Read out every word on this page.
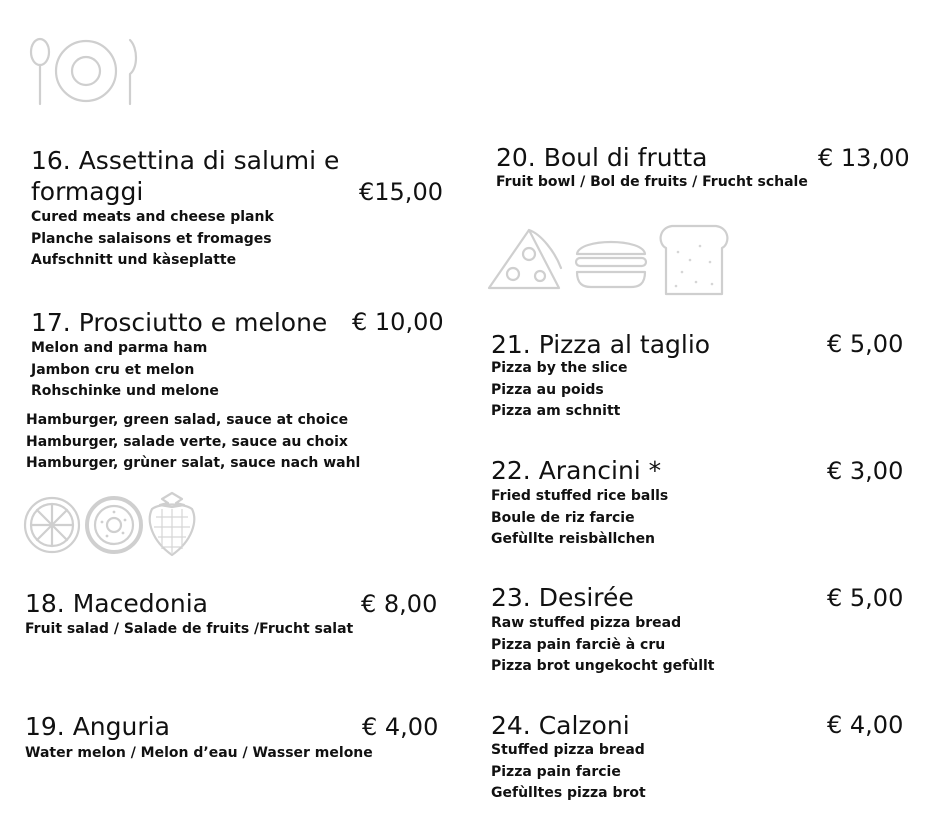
16. Assettina di salumi e
formaggi	€15,00
Cured meats and cheese plank
Planche salaisons et fromages
Aufschnitt und kàseplatte
17. Prosciutto e melone € 10,00
Melon and parma ham
Jambon cru et melon
Rohschinke und melone
Hamburger, green salad, sauce at choice
Hamburger, salade verte, sauce au choix
Hamburger, grùner salat, sauce nach wahl
18. Macedonia	€ 8,00
Fruit salad / Salade de fruits /Frucht salat
19. Anguria	€ 4,00
Water melon / Melon d’eau / Wasser melone
20. Boul di frutta	€ 13,00
Fruit bowl / Bol de fruits / Frucht schale
21. Pizza al taglio	€ 5,00
Pizza by the slice
Pizza au poids
Pizza am schnitt
22. Arancini *	€ 3,00
Fried stuffed rice balls
Boule de riz farcie
Gefùllte reisbàllchen
23. Desirée	€ 5,00
Raw stuffed pizza bread
Pizza pain farciè à cru
Pizza brot ungekocht gefùllt
24. Calzoni	€ 4,00
Stuffed pizza bread
Pizza pain farcie
Gefùlltes pizza brot
